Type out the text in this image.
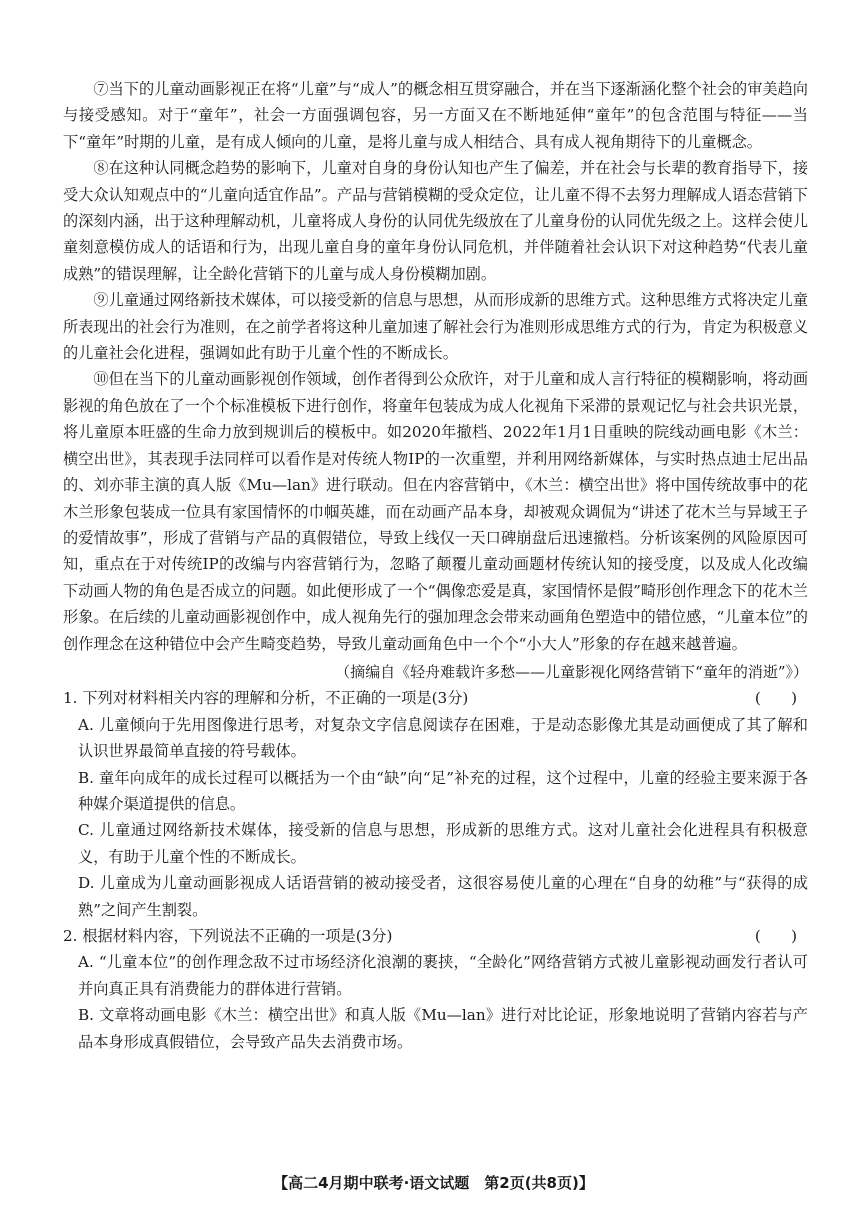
⑦当下的儿童动画影视正在将“儿童”与“成人”的概念相互贯穿融合，并在当下逐渐涵化整个社会的审美趋向与接受感知。对于“童年”，社会一方面强调包容，另一方面又在不断地延伸“童年”的包含范围与特征——当下“童年”时期的儿童，是有成人倾向的儿童，是将儿童与成人相结合、具有成人视角期待下的儿童概念。

⑧在这种认同概念趋势的影响下，儿童对自身的身份认知也产生了偏差，并在社会与长辈的教育指导下，接受大众认知观点中的“儿童向适宜作品”。产品与营销模糊的受众定位，让儿童不得不去努力理解成人语态营销下的深刻内涵，出于这种理解动机，儿童将成人身份的认同优先级放在了儿童身份的认同优先级之上。这样会使儿童刻意模仿成人的话语和行为，出现儿童自身的童年身份认同危机，并伴随着社会认识下对这种趋势“代表儿童成熟”的错误理解，让全龄化营销下的儿童与成人身份模糊加剧。

⑨儿童通过网络新技术媒体，可以接受新的信息与思想，从而形成新的思维方式。这种思维方式将决定儿童所表现出的社会行为准则，在之前学者将这种儿童加速了解社会行为准则形成思维方式的行为，肯定为积极意义的儿童社会化进程，强调如此有助于儿童个性的不断成长。

⑩但在当下的儿童动画影视创作领域，创作者得到公众欣许，对于儿童和成人言行特征的模糊影响，将动画影视的角色放在了一个个标准模板下进行创作，将童年包装成为成人化视角下采滞的景观记忆与社会共识光景，将儿童原本旺盛的生命力放到规训后的模板中。如2020年撤档、2022年1月1日重映的院线动画电影《木兰：横空出世》，其表现手法同样可以看作是对传统人物IP的一次重塑，并利用网络新媒体，与实时热点迪士尼出品的、刘亦菲主演的真人版《Mu—lan》进行联动。但在内容营销中，《木兰：横空出世》将中国传统故事中的花木兰形象包装成一位具有家国情怀的巾帼英雄，而在动画产品本身，却被观众调侃为“讲述了花木兰与异域王子的爱情故事”，形成了营销与产品的真假错位，导致上线仅一天口碑崩盘后迅速撤档。分析该案例的风险原因可知，重点在于对传统IP的改编与内容营销行为，忽略了颠覆儿童动画题材传统认知的接受度，以及成人化改编下动画人物的角色是否成立的问题。如此便形成了一个“偶像恋爱是真，家国情怀是假”畸形创作理念下的花木兰形象。在后续的儿童动画影视创作中，成人视角先行的强加理念会带来动画角色塑造中的错位感，“儿童本位”的创作理念在这种错位中会产生畸变趋势，导致儿童动画角色中一个个“小大人”形象的存在越来越普遍。

（摘编自《轻舟难载许多愁——儿童影视化网络营销下“童年的消逝”》）

1. 下列对材料相关内容的理解和分析，不正确的一项是(3分)	(　　)

A. 儿童倾向于先用图像进行思考，对复杂文字信息阅读存在困难，于是动态影像尤其是动画便成了其了解和认识世界最简单直接的符号载体。

B. 童年向成年的成长过程可以概括为一个由“缺”向“足”补充的过程，这个过程中，儿童的经验主要来源于各种媒介渠道提供的信息。

C. 儿童通过网络新技术媒体，接受新的信息与思想，形成新的思维方式。这对儿童社会化进程具有积极意义，有助于儿童个性的不断成长。

D. 儿童成为儿童动画影视成人话语营销的被动接受者，这很容易使儿童的心理在“自身的幼稚”与“获得的成熟”之间产生割裂。

2. 根据材料内容，下列说法不正确的一项是(3分)	(　　)

A. “儿童本位”的创作理念敌不过市场经济化浪潮的裹挟，“全龄化”网络营销方式被儿童影视动画发行者认可并向真正具有消费能力的群体进行营销。

B. 文章将动画电影《木兰：横空出世》和真人版《Mu—lan》进行对比论证，形象地说明了营销内容若与产品本身形成真假错位，会导致产品失去消费市场。

【高二4月期中联考·语文试题　第2页(共8页)】
